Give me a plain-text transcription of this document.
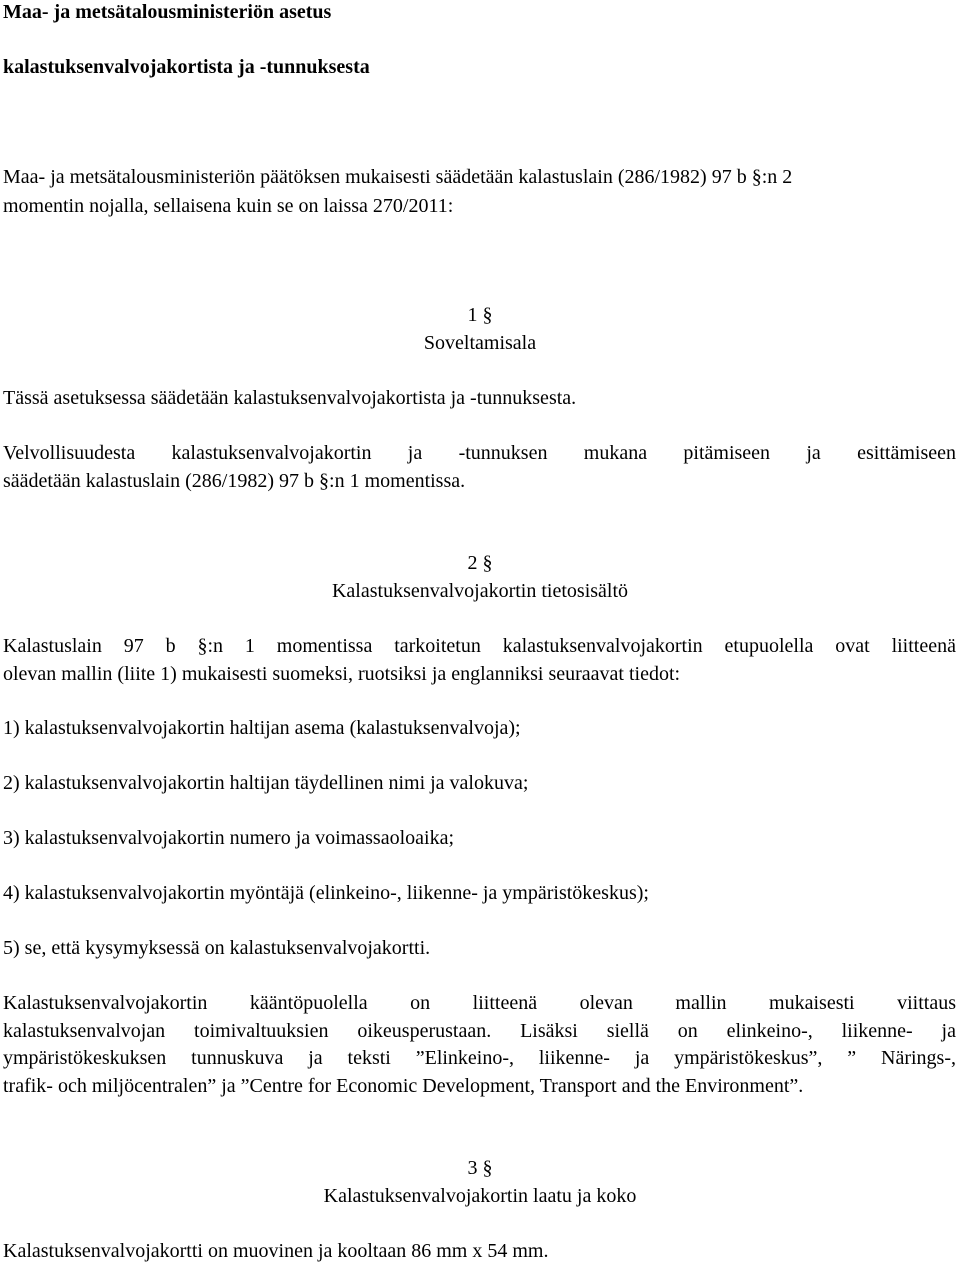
Maa- ja metsätalousministeriön asetus
kalastuksenvalvojakortista ja -tunnuksesta
Maa- ja metsätalousministeriön päätöksen mukaisesti säädetään kalastuslain (286/1982) 97 b §:n 2
momentin nojalla, sellaisena kuin se on laissa 270/2011:
1 §
Soveltamisala
Tässä asetuksessa säädetään kalastuksenvalvojakortista ja -tunnuksesta.
Velvollisuudesta kalastuksenvalvojakortin ja -tunnuksen mukana pitämiseen ja esittämiseen
säädetään kalastuslain (286/1982) 97 b §:n 1 momentissa.
2 §
Kalastuksenvalvojakortin tietosisältö
Kalastuslain 97 b §:n 1 momentissa tarkoitetun kalastuksenvalvojakortin etupuolella ovat liitteenä
olevan mallin (liite 1) mukaisesti suomeksi, ruotsiksi ja englanniksi seuraavat tiedot:
1) kalastuksenvalvojakortin haltijan asema (kalastuksenvalvoja);
2) kalastuksenvalvojakortin haltijan täydellinen nimi ja valokuva;
3) kalastuksenvalvojakortin numero ja voimassaoloaika;
4) kalastuksenvalvojakortin myöntäjä (elinkeino-, liikenne- ja ympäristökeskus);
5) se, että kysymyksessä on kalastuksenvalvojakortti.
Kalastuksenvalvojakortin kääntöpuolella on liitteenä olevan mallin mukaisesti viittaus
kalastuksenvalvojan toimivaltuuksien oikeusperustaan. Lisäksi siellä on elinkeino-, liikenne- ja
ympäristökeskuksen tunnuskuva ja teksti ”Elinkeino-, liikenne- ja ympäristökeskus”, ” Närings-,
trafik- och miljöcentralen” ja ”Centre for Economic Development, Transport and the Environment”.
3 §
Kalastuksenvalvojakortin laatu ja koko
Kalastuksenvalvojakortti on muovinen ja kooltaan 86 mm x 54 mm.
